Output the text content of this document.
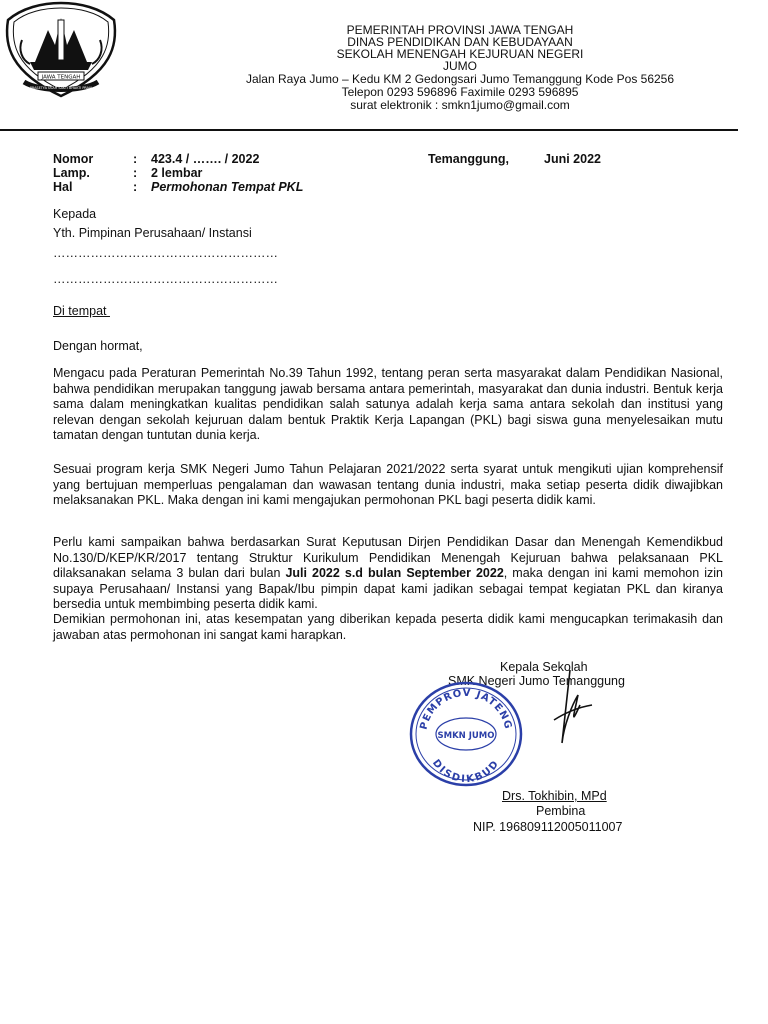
JAWA TENGAH
PRASETYA ULAH SAKTI BHAKTI PRAJA
PEMERINTAH PROVINSI JAWA TENGAH
DINAS PENDIDIKAN DAN KEBUDAYAAN
SEKOLAH MENENGAH KEJURUAN NEGERI
JUMO
Jalan Raya Jumo – Kedu KM 2 Gedongsari Jumo Temanggung Kode Pos 56256
Telepon 0293 596896 Faximile 0293 596895
surat elektronik : smkn1jumo@gmail.com
Nomor	: 423.4 / ……. / 2022	Temanggung,	Juni 2022
Lamp.	: 2 lembar
Hal	: Permohonan Tempat PKL
Kepada
Yth. Pimpinan Perusahaan/ Instansi
………………………………………………
………………………………………………
Di tempat
Dengan hormat,
Mengacu pada Peraturan Pemerintah No.39 Tahun 1992, tentang peran serta masyarakat dalam Pendidikan Nasional, bahwa pendidikan merupakan tanggung jawab bersama antara pemerintah, masyarakat dan dunia industri. Bentuk kerja sama dalam meningkatkan kualitas pendidikan salah satunya adalah kerja sama antara sekolah dan institusi yang relevan dengan sekolah kejuruan dalam bentuk Praktik Kerja Lapangan (PKL) bagi siswa guna menyelesaikan mutu tamatan dengan tuntutan dunia kerja.
Sesuai program kerja SMK Negeri Jumo Tahun Pelajaran 2021/2022 serta syarat untuk mengikuti ujian komprehensif yang bertujuan memperluas pengalaman dan wawasan tentang dunia industri, maka setiap peserta didik diwajibkan melaksanakan PKL. Maka dengan ini kami mengajukan permohonan PKL bagi peserta didik kami.
Perlu kami sampaikan bahwa berdasarkan Surat Keputusan Dirjen Pendidikan Dasar dan Menengah Kemendikbud No.130/D/KEP/KR/2017 tentang Struktur Kurikulum Pendidikan Menengah Kejuruan bahwa pelaksanaan PKL dilaksanakan selama 3 bulan dari bulan Juli 2022 s.d bulan September 2022, maka dengan ini kami memohon izin supaya Perusahaan/ Instansi yang Bapak/Ibu pimpin dapat kami jadikan sebagai tempat kegiatan PKL dan kiranya bersedia untuk membimbing peserta didik kami.
Demikian permohonan ini, atas kesempatan yang diberikan kepada peserta didik kami mengucapkan terimakasih dan jawaban atas permohonan ini sangat kami harapkan.
Kepala Sekolah
SMK Negeri Jumo Temanggung
PEMPROV JATENG
SMKN JUMO
DISDIKBUD
Drs. Tokhibin, MPd
Pembina
NIP. 196809112005011007
